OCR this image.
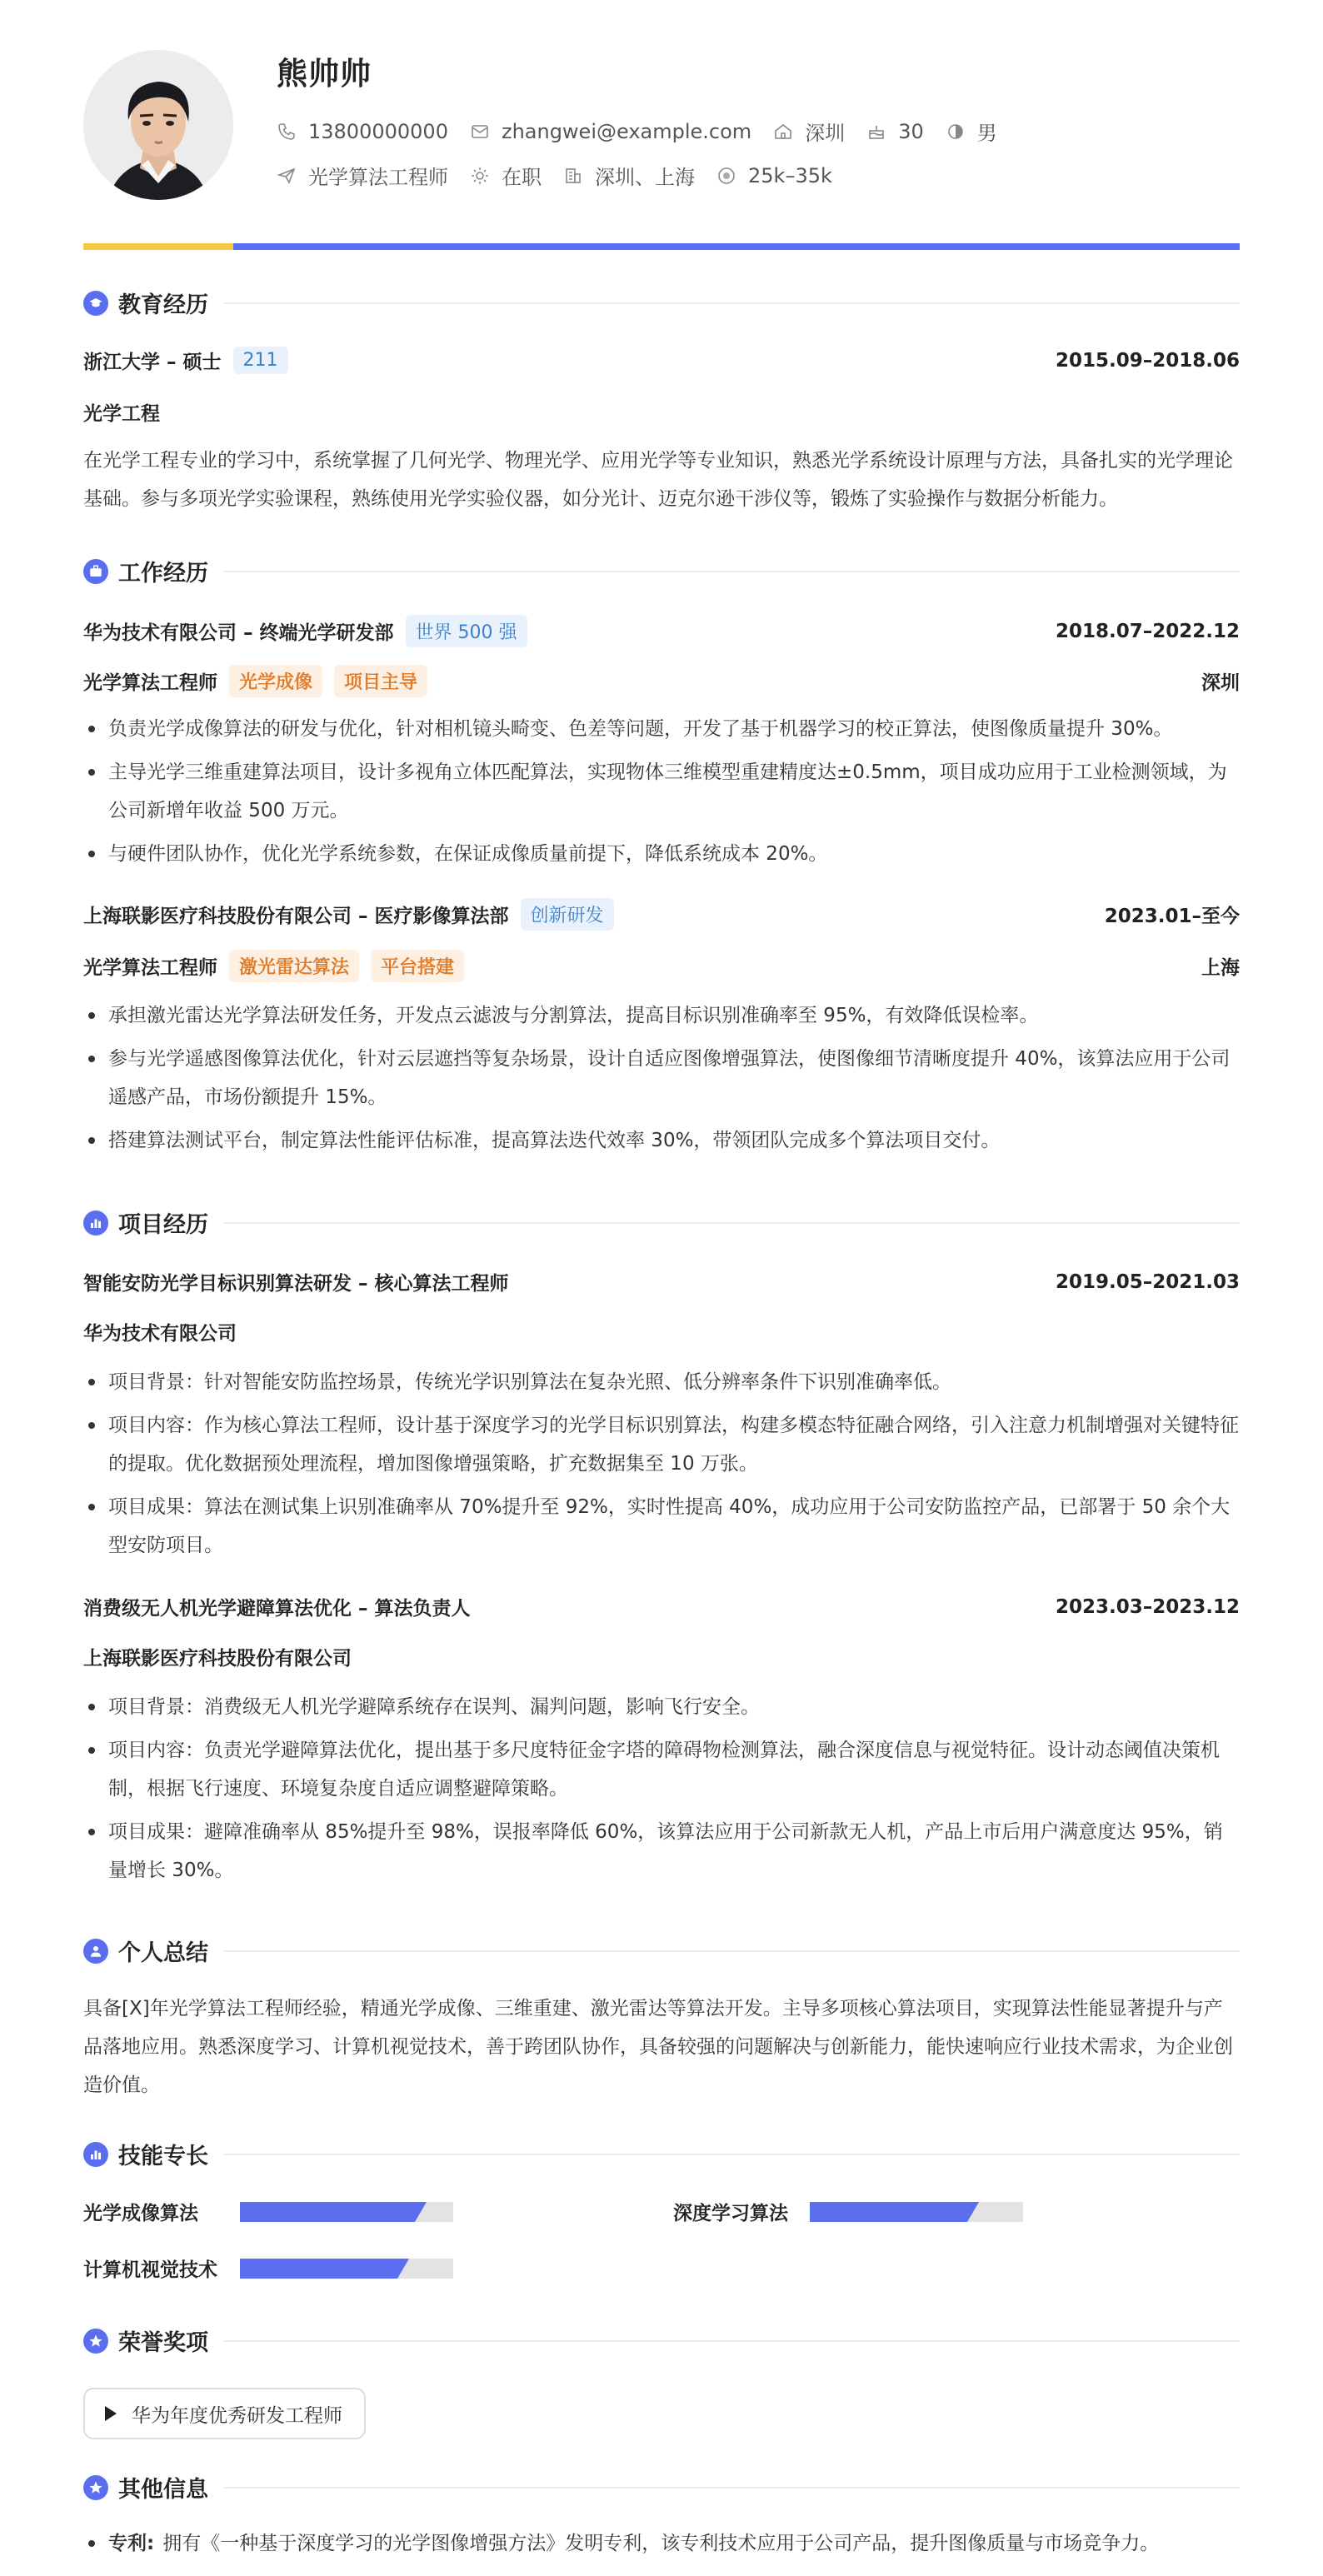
熊帅帅
13800000000	zhangwei@example.com	深圳	30	男
光学算法工程师	在职	深圳、上海	25k–35k
教育经历
浙江大学 – 硕士	211	2015.09–2018.06
光学工程
在光学工程专业的学习中，系统掌握了几何光学、物理光学、应用光学等专业知识，熟悉光学系统设计原理与方法，具备扎实的光学理论基础。参与多项光学实验课程，熟练使用光学实验仪器，如分光计、迈克尔逊干涉仪等，锻炼了实验操作与数据分析能力。
工作经历
华为技术有限公司 – 终端光学研发部	世界 500 强	2018.07–2022.12
光学算法工程师	光学成像	项目主导	深圳
负责光学成像算法的研发与优化，针对相机镜头畸变、色差等问题，开发了基于机器学习的校正算法，使图像质量提升 30%。
主导光学三维重建算法项目，设计多视角立体匹配算法，实现物体三维模型重建精度达±0.5mm，项目成功应用于工业检测领域，为公司新增年收益 500 万元。
与硬件团队协作，优化光学系统参数，在保证成像质量前提下，降低系统成本 20%。
上海联影医疗科技股份有限公司 – 医疗影像算法部	创新研发	2023.01–至今
光学算法工程师	激光雷达算法	平台搭建	上海
承担激光雷达光学算法研发任务，开发点云滤波与分割算法，提高目标识别准确率至 95%，有效降低误检率。
参与光学遥感图像算法优化，针对云层遮挡等复杂场景，设计自适应图像增强算法，使图像细节清晰度提升 40%，该算法应用于公司遥感产品，市场份额提升 15%。
搭建算法测试平台，制定算法性能评估标准，提高算法迭代效率 30%，带领团队完成多个算法项目交付。
项目经历
智能安防光学目标识别算法研发 – 核心算法工程师	2019.05–2021.03
华为技术有限公司
项目背景：针对智能安防监控场景，传统光学识别算法在复杂光照、低分辨率条件下识别准确率低。
项目内容：作为核心算法工程师，设计基于深度学习的光学目标识别算法，构建多模态特征融合网络，引入注意力机制增强对关键特征的提取。优化数据预处理流程，增加图像增强策略，扩充数据集至 10 万张。
项目成果：算法在测试集上识别准确率从 70%提升至 92%，实时性提高 40%，成功应用于公司安防监控产品，已部署于 50 余个大型安防项目。
消费级无人机光学避障算法优化 – 算法负责人	2023.03–2023.12
上海联影医疗科技股份有限公司
项目背景：消费级无人机光学避障系统存在误判、漏判问题，影响飞行安全。
项目内容：负责光学避障算法优化，提出基于多尺度特征金字塔的障碍物检测算法，融合深度信息与视觉特征。设计动态阈值决策机制，根据飞行速度、环境复杂度自适应调整避障策略。
项目成果：避障准确率从 85%提升至 98%，误报率降低 60%，该算法应用于公司新款无人机，产品上市后用户满意度达 95%，销量增长 30%。
个人总结
具备[X]年光学算法工程师经验，精通光学成像、三维重建、激光雷达等算法开发。主导多项核心算法项目，实现算法性能显著提升与产品落地应用。熟悉深度学习、计算机视觉技术，善于跨团队协作，具备较强的问题解决与创新能力，能快速响应行业技术需求，为企业创造价值。
技能专长
光学成像算法	深度学习算法
计算机视觉技术
荣誉奖项
华为年度优秀研发工程师
其他信息
专利: 拥有《一种基于深度学习的光学图像增强方法》发明专利，该专利技术应用于公司产品，提升图像质量与市场竞争力。
